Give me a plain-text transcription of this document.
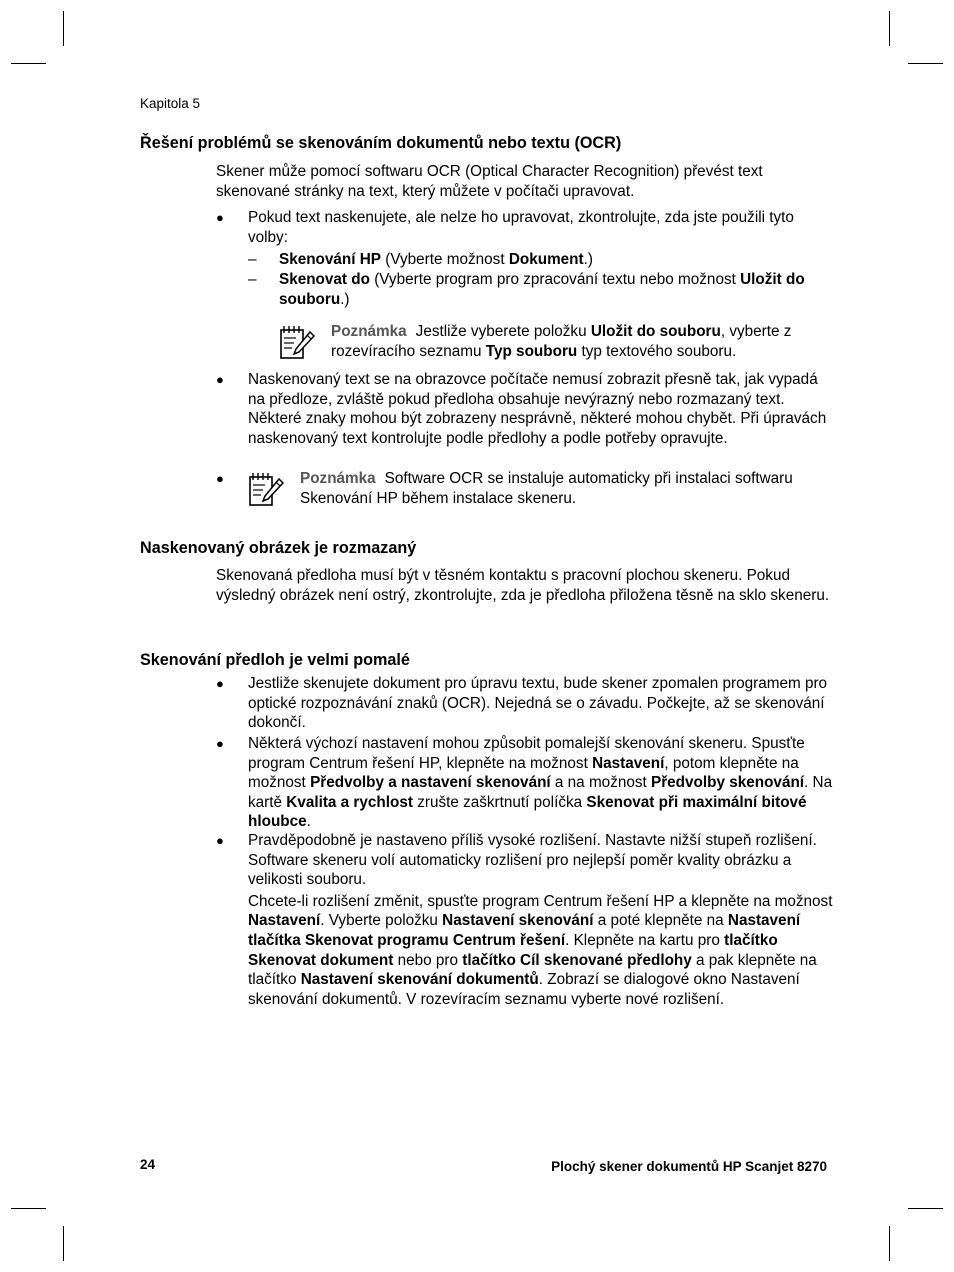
Kapitola 5
Řešení problémů se skenováním dokumentů nebo textu (OCR)
Skener může pomocí softwaru OCR (Optical Character Recognition) převést text skenované stránky na text, který můžete v počítači upravovat.
● Pokud text naskenujete, ale nelze ho upravovat, zkontrolujte, zda jste použili tyto volby:
– Skenování HP (Vyberte možnost Dokument.)
– Skenovat do (Vyberte program pro zpracování textu nebo možnost Uložit do souboru.)
Poznámka Jestliže vyberete položku Uložit do souboru, vyberte z rozevíracího seznamu Typ souboru typ textového souboru.
● Naskenovaný text se na obrazovce počítače nemusí zobrazit přesně tak, jak vypadá na předloze, zvláště pokud předloha obsahuje nevýrazný nebo rozmazaný text. Některé znaky mohou být zobrazeny nesprávně, některé mohou chybět. Při úpravách naskenovaný text kontrolujte podle předlohy a podle potřeby opravujte.
●	Poznámka Software OCR se instaluje automaticky při instalaci softwaru Skenování HP během instalace skeneru.
Naskenovaný obrázek je rozmazaný
Skenovaná předloha musí být v těsném kontaktu s pracovní plochou skeneru. Pokud výsledný obrázek není ostrý, zkontrolujte, zda je předloha přiložena těsně na sklo skeneru.
Skenování předloh je velmi pomalé
● Jestliže skenujete dokument pro úpravu textu, bude skener zpomalen programem pro optické rozpoznávání znaků (OCR). Nejedná se o závadu. Počkejte, až se skenování dokončí.
● Některá výchozí nastavení mohou způsobit pomalejší skenování skeneru. Spusťte program Centrum řešení HP, klepněte na možnost Nastavení, potom klepněte na možnost Předvolby a nastavení skenování a na možnost Předvolby skenování. Na kartě Kvalita a rychlost zrušte zaškrtnutí políčka Skenovat při maximální bitové hloubce.
● Pravděpodobně je nastaveno příliš vysoké rozlišení. Nastavte nižší stupeň rozlišení. Software skeneru volí automaticky rozlišení pro nejlepší poměr kvality obrázku a velikosti souboru.
Chcete-li rozlišení změnit, spusťte program Centrum řešení HP a klepněte na možnost Nastavení. Vyberte položku Nastavení skenování a poté klepněte na Nastavení tlačítka Skenovat programu Centrum řešení. Klepněte na kartu pro tlačítko Skenovat dokument nebo pro tlačítko Cíl skenované předlohy a pak klepněte na tlačítko Nastavení skenování dokumentů. Zobrazí se dialogové okno Nastavení skenování dokumentů. V rozevíracím seznamu vyberte nové rozlišení.
24	Plochý skener dokumentů HP Scanjet 8270
